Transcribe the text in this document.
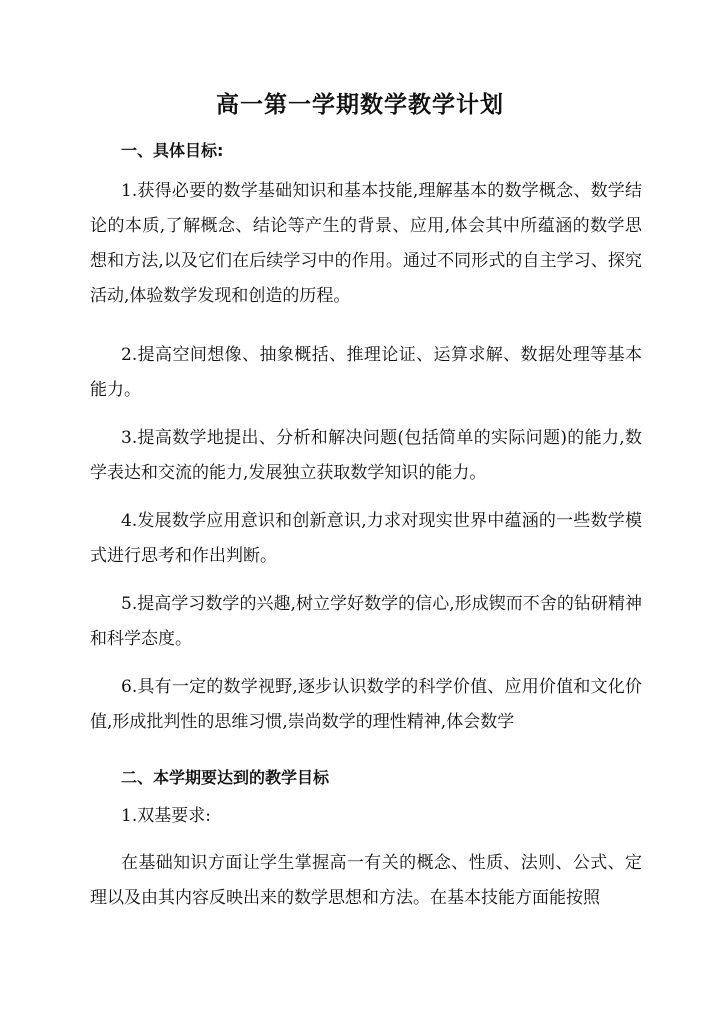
高一第一学期数学教学计划
一、具体目标:

1.获得必要的数学基础知识和基本技能,理解基本的数学概念、数学结论的本质,了解概念、结论等产生的背景、应用,体会其中所蕴涵的数学思想和方法,以及它们在后续学习中的作用。通过不同形式的自主学习、探究活动,体验数学发现和创造的历程。

2.提高空间想像、抽象概括、推理论证、运算求解、数据处理等基本能力。

3.提高数学地提出、分析和解决问题(包括简单的实际问题)的能力,数学表达和交流的能力,发展独立获取数学知识的能力。

4.发展数学应用意识和创新意识,力求对现实世界中蕴涵的一些数学模式进行思考和作出判断。

5.提高学习数学的兴趣,树立学好数学的信心,形成锲而不舍的钻研精神和科学态度。

6.具有一定的数学视野,逐步认识数学的科学价值、应用价值和文化价值,形成批判性的思维习惯,崇尚数学的理性精神,体会数学

二、本学期要达到的教学目标

1.双基要求:

在基础知识方面让学生掌握高一有关的概念、性质、法则、公式、定理以及由其内容反映出来的数学思想和方法。在基本技能方面能按照
